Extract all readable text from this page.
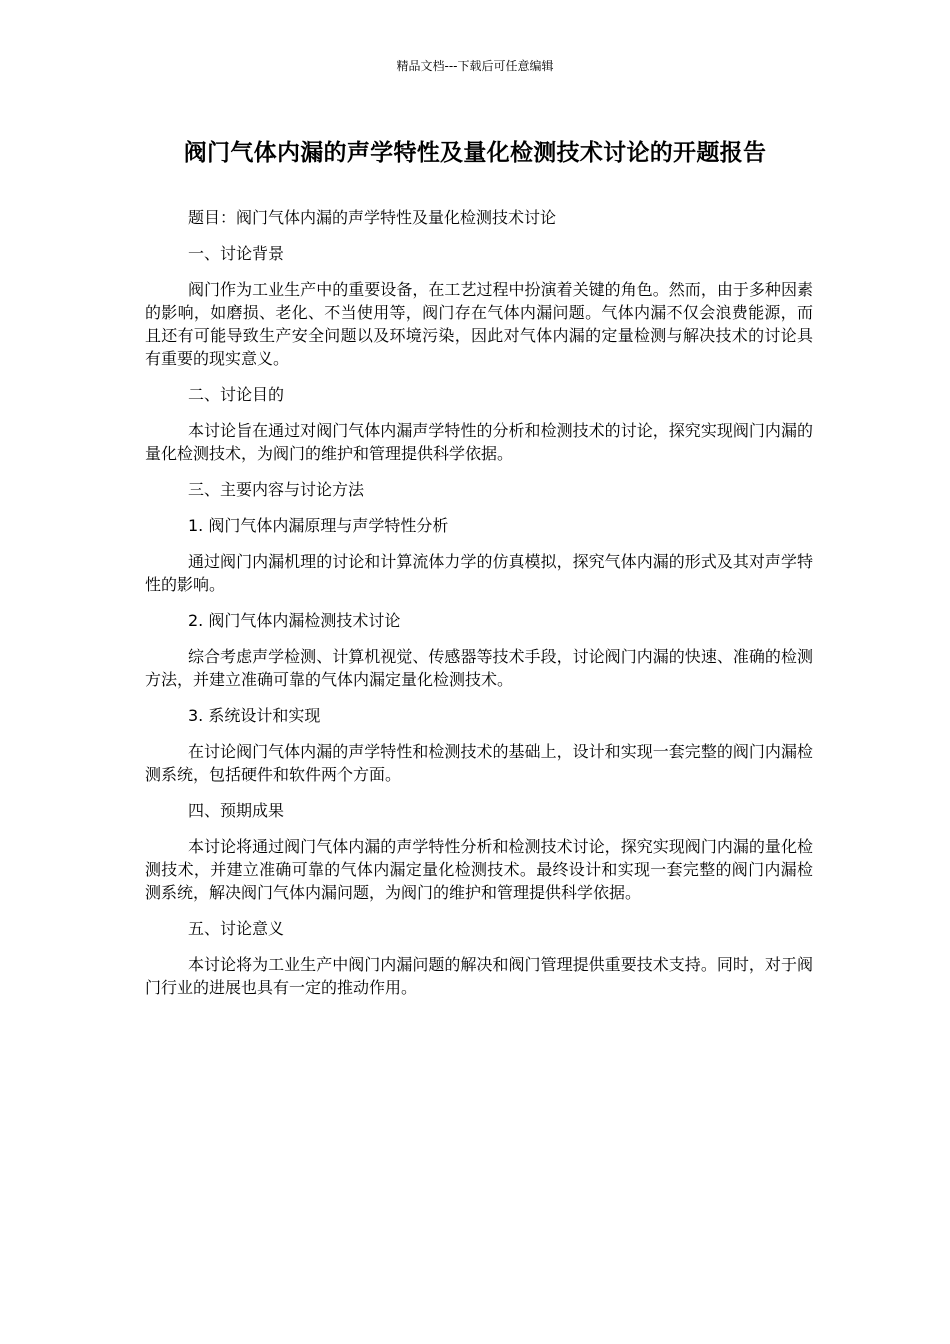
精品文档---下载后可任意编辑
阀门气体内漏的声学特性及量化检测技术讨论的开题报告

题目：阀门气体内漏的声学特性及量化检测技术讨论

一、讨论背景

阀门作为工业生产中的重要设备，在工艺过程中扮演着关键的角色。然而，由于多种因素的影响，如磨损、老化、不当使用等，阀门存在气体内漏问题。气体内漏不仅会浪费能源，而且还有可能导致生产安全问题以及环境污染，因此对气体内漏的定量检测与解决技术的讨论具有重要的现实意义。

二、讨论目的

本讨论旨在通过对阀门气体内漏声学特性的分析和检测技术的讨论，探究实现阀门内漏的量化检测技术，为阀门的维护和管理提供科学依据。

三、主要内容与讨论方法

1. 阀门气体内漏原理与声学特性分析

通过阀门内漏机理的讨论和计算流体力学的仿真模拟，探究气体内漏的形式及其对声学特性的影响。

2. 阀门气体内漏检测技术讨论

综合考虑声学检测、计算机视觉、传感器等技术手段，讨论阀门内漏的快速、准确的检测方法，并建立准确可靠的气体内漏定量化检测技术。

3. 系统设计和实现

在讨论阀门气体内漏的声学特性和检测技术的基础上，设计和实现一套完整的阀门内漏检测系统，包括硬件和软件两个方面。

四、预期成果

本讨论将通过阀门气体内漏的声学特性分析和检测技术讨论，探究实现阀门内漏的量化检测技术，并建立准确可靠的气体内漏定量化检测技术。最终设计和实现一套完整的阀门内漏检测系统，解决阀门气体内漏问题，为阀门的维护和管理提供科学依据。

五、讨论意义

本讨论将为工业生产中阀门内漏问题的解决和阀门管理提供重要技术支持。同时，对于阀门行业的进展也具有一定的推动作用。
